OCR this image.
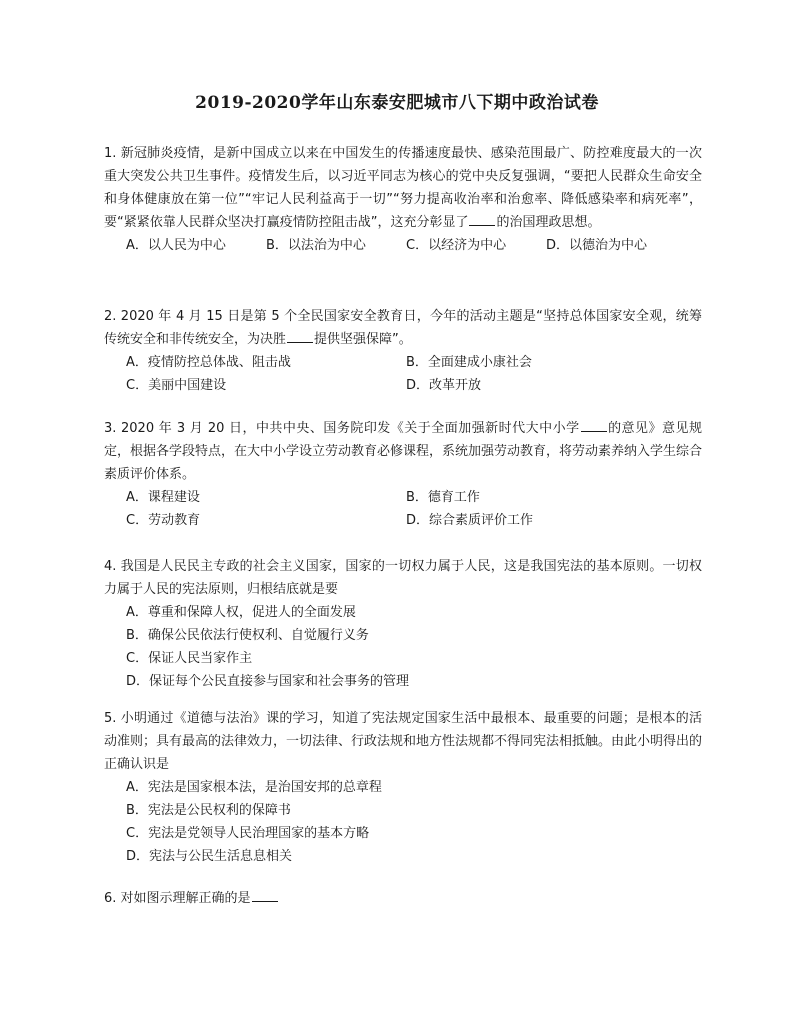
2019-2020学年山东泰安肥城市八下期中政治试卷

1. 新冠肺炎疫情，是新中国成立以来在中国发生的传播速度最快、感染范围最广、防控难度最大的一次重大突发公共卫生事件。疫情发生后，以习近平同志为核心的党中央反复强调，“要把人民群众生命安全和身体健康放在第一位”“牢记人民利益高于一切”“努力提高收治率和治愈率、降低感染率和病死率”，要“紧紧依靠人民群众坚决打赢疫情防控阻击战”，这充分彰显了 的治国理政思想。

A．以人民为中心	B．以法治为中心	C．以经济为中心	D．以德治为中心

2. 2020 年 4 月 15 日是第 5 个全民国家安全教育日，今年的活动主题是“坚持总体国家安全观，统筹传统安全和非传统安全，为决胜 提供坚强保障”。

A．疫情防控总体战、阻击战	B．全面建成小康社会
C．美丽中国建设	D．改革开放

3. 2020 年 3 月 20 日，中共中央、国务院印发《关于全面加强新时代大中小学 的意见》意见规定，根据各学段特点，在大中小学设立劳动教育必修课程，系统加强劳动教育，将劳动素养纳入学生综合素质评价体系。

A．课程建设	B．德育工作
C．劳动教育	D．综合素质评价工作

4. 我国是人民民主专政的社会主义国家，国家的一切权力属于人民，这是我国宪法的基本原则。一切权力属于人民的宪法原则，归根结底就是要

A．尊重和保障人权，促进人的全面发展
B．确保公民依法行使权利、自觉履行义务
C．保证人民当家作主
D．保证每个公民直接参与国家和社会事务的管理

5. 小明通过《道德与法治》课的学习，知道了宪法规定国家生活中最根本、最重要的问题；是根本的活动准则；具有最高的法律效力，一切法律、行政法规和地方性法规都不得同宪法相抵触。由此小明得出的正确认识是

A．宪法是国家根本法，是治国安邦的总章程
B．宪法是公民权利的保障书
C．宪法是党领导人民治理国家的基本方略
D．宪法与公民生活息息相关

6. 对如图示理解正确的是
